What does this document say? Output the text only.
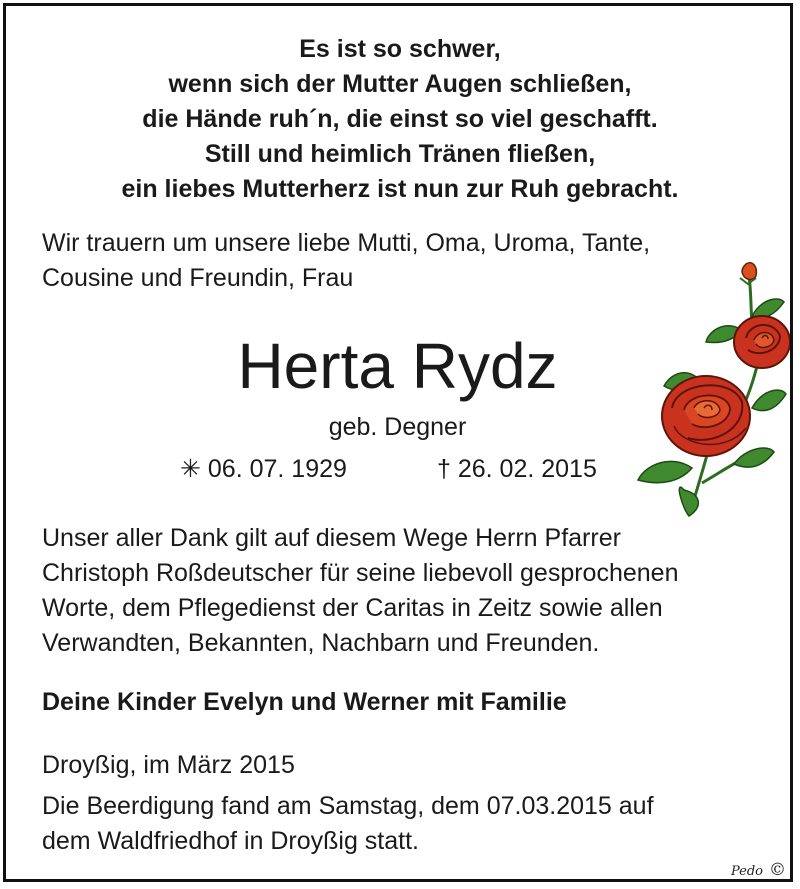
Es ist so schwer,
wenn sich der Mutter Augen schließen,
die Hände ruh´n, die einst so viel geschafft.
Still und heimlich Tränen fließen,
ein liebes Mutterherz ist nun zur Ruh gebracht.
Wir trauern um unsere liebe Mutti, Oma, Uroma, Tante,
Cousine und Freundin, Frau
Herta Rydz
geb. Degner
✳ 06. 07. 1929	† 26. 02. 2015
Unser aller Dank gilt auf diesem Wege Herrn Pfarrer
Christoph Roßdeutscher für seine liebevoll gesprochenen
Worte, dem Pflegedienst der Caritas in Zeitz sowie allen
Verwandten, Bekannten, Nachbarn und Freunden.
Deine Kinder Evelyn und Werner mit Familie
Droyßig, im März 2015
Die Beerdigung fand am Samstag, dem 07.03.2015 auf
dem Waldfriedhof in Droyßig statt.
Pedo ©
